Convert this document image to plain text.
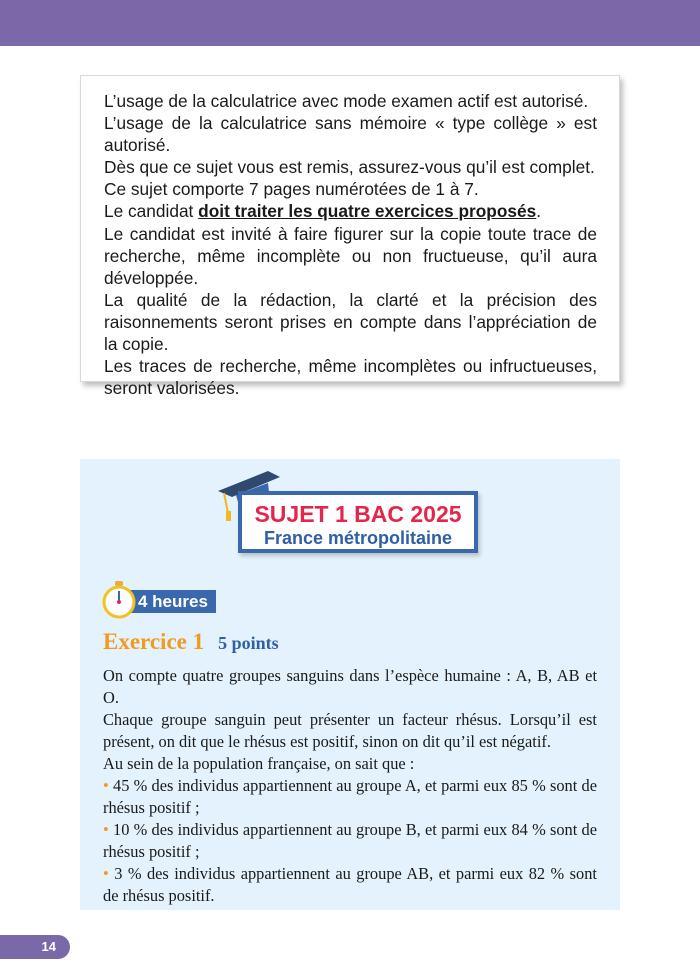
L’usage de la calculatrice avec mode examen actif est autorisé.

L’usage de la calculatrice sans mémoire « type collège » est autorisé.

Dès que ce sujet vous est remis, assurez-vous qu’il est complet.

Ce sujet comporte 7 pages numérotées de 1 à 7.

Le candidat doit traiter les quatre exercices proposés.

Le candidat est invité à faire figurer sur la copie toute trace de recherche, même incomplète ou non fructueuse, qu’il aura développée.

La qualité de la rédaction, la clarté et la précision des raisonnements seront prises en compte dans l’appréciation de la copie.

Les traces de recherche, même incomplètes ou infructueuses, seront valorisées.

SUJET 1 BAC 2025
France métropolitaine
4 heures
Exercice 1 5 points

On compte quatre groupes sanguins dans l’espèce humaine : A, B, AB et O.

Chaque groupe sanguin peut présenter un facteur rhésus. Lorsqu’il est présent, on dit que le rhésus est positif, sinon on dit qu’il est négatif.

Au sein de la population française, on sait que :

• 45 % des individus appartiennent au groupe A, et parmi eux 85 % sont de rhésus positif ;

• 10 % des individus appartiennent au groupe B, et parmi eux 84 % sont de rhésus positif ;

• 3 % des individus appartiennent au groupe AB, et parmi eux 82 % sont de rhésus positif.

14
